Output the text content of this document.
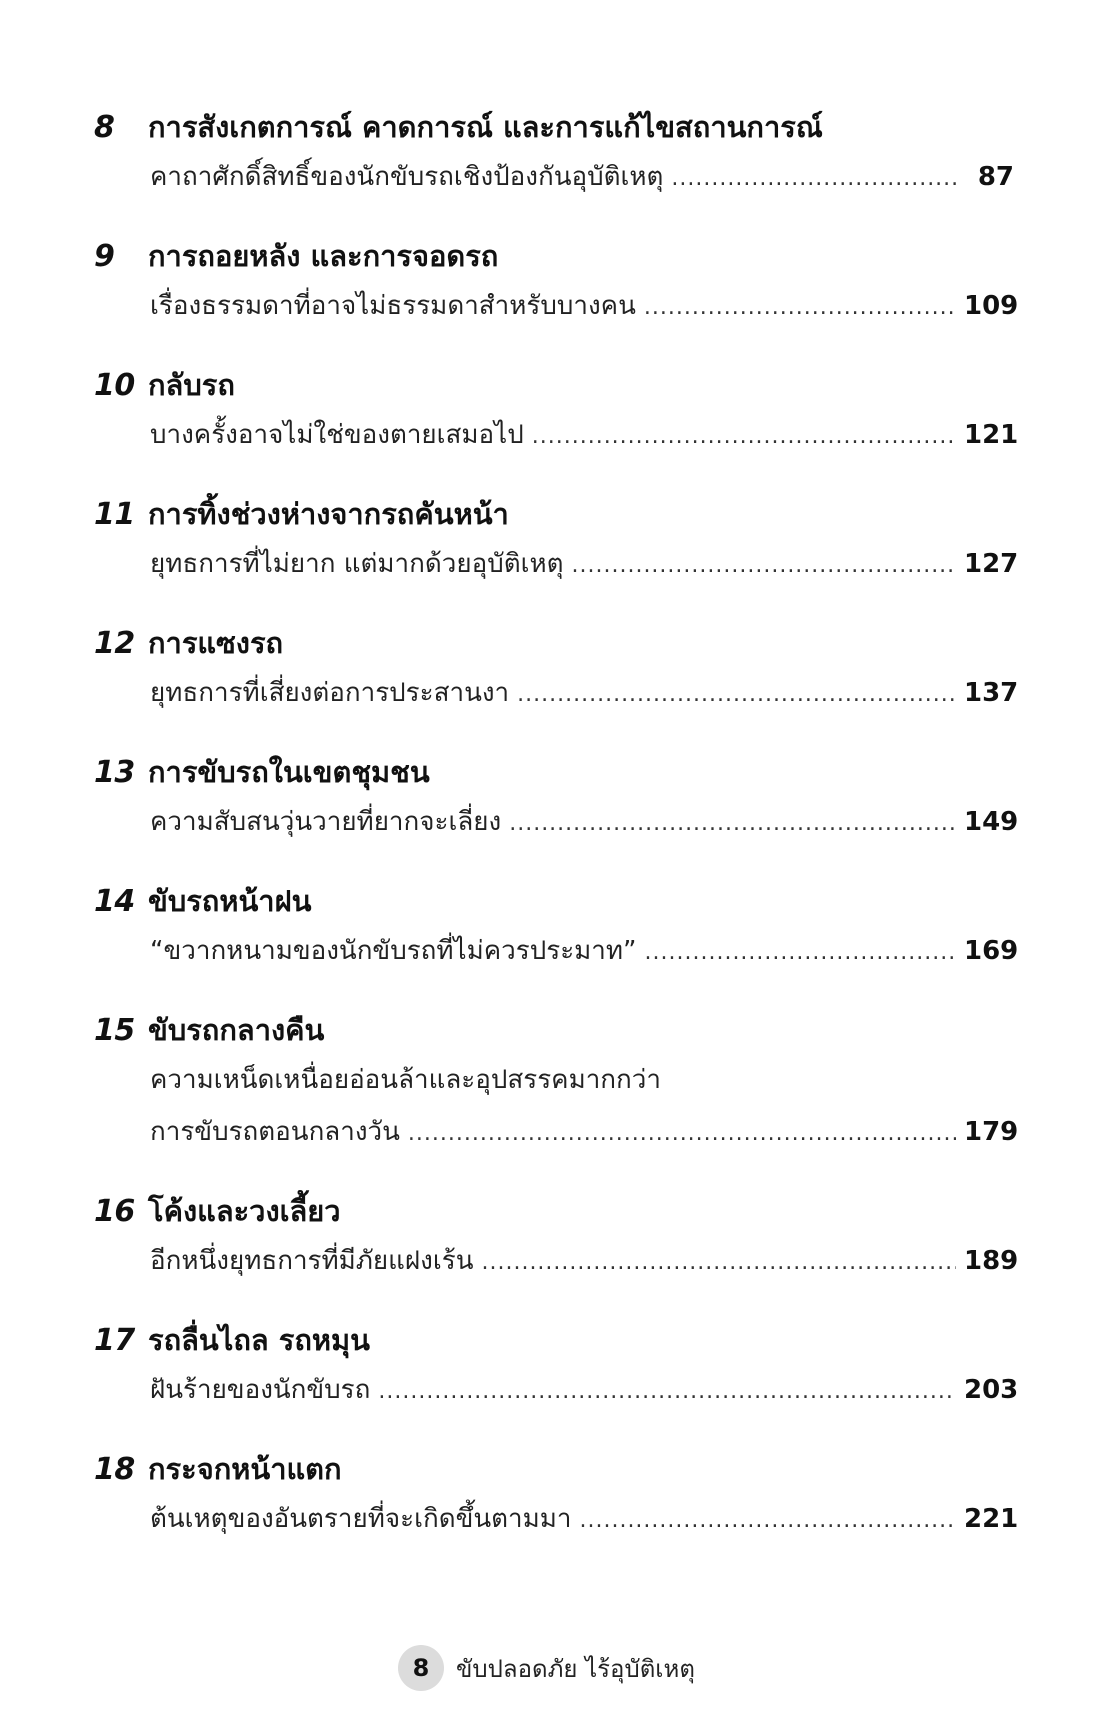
8	การสังเกตการณ์ คาดการณ์ และการแก้ไขสถานการณ์
คาถาศักดิ์สิทธิ์ของนักขับรถเชิงป้องกันอุบัติเหตุ .....	87
9	การถอยหลัง และการจอดรถ
เรื่องธรรมดาที่อาจไม่ธรรมดาสำหรับบางคน .....	109
10 กลับรถ
บางครั้งอาจไม่ใช่ของตายเสมอไป .....	121
11 การทิ้งช่วงห่างจากรถคันหน้า
ยุทธการที่ไม่ยาก แต่มากด้วยอุบัติเหตุ .....	127
12 การแซงรถ
ยุทธการที่เสี่ยงต่อการประสานงา .....	137
13 การขับรถในเขตชุมชน
ความสับสนวุ่นวายที่ยากจะเลี่ยง .....	149
14 ขับรถหน้าฝน
“ขวากหนามของนักขับรถที่ไม่ควรประมาท” .....	169
15 ขับรถกลางคืน
ความเหน็ดเหนื่อยอ่อนล้าและอุปสรรคมากกว่า
การขับรถตอนกลางวัน .....	179
16 โค้งและวงเลี้ยว
อีกหนึ่งยุทธการที่มีภัยแฝงเร้น .....	189
17 รถลื่นไถล รถหมุน
ฝันร้ายของนักขับรถ .....	203
18 กระจกหน้าแตก
ต้นเหตุของอันตรายที่จะเกิดขึ้นตามมา .....	221
8 ขับปลอดภัย ไร้อุบัติเหตุ
